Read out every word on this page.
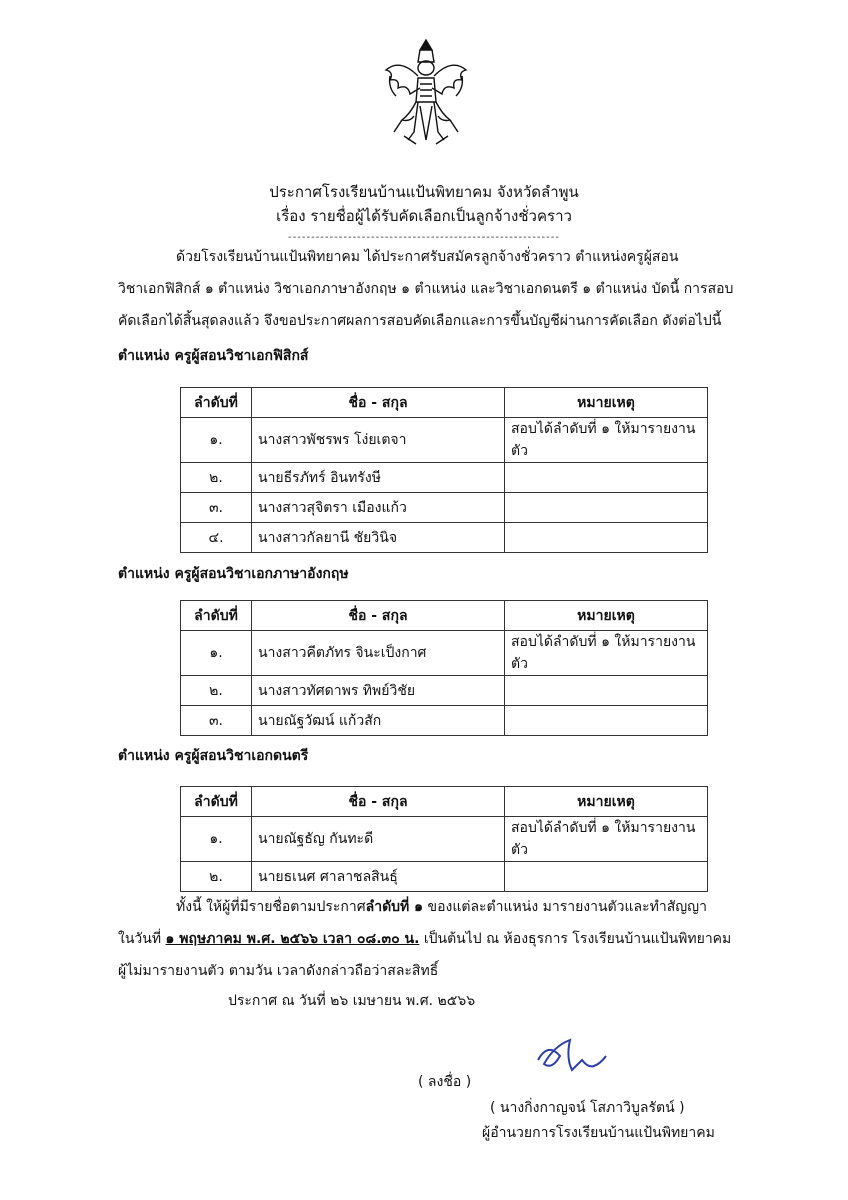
ประกาศโรงเรียนบ้านแป้นพิทยาคม จังหวัดลำพูน
เรื่อง รายชื่อผู้ได้รับคัดเลือกเป็นลูกจ้างชั่วคราว
-----------------------------------------------------------
ด้วยโรงเรียนบ้านแป้นพิทยาคม ได้ประกาศรับสมัครลูกจ้างชั่วคราว ตำแหน่งครูผู้สอน
วิชาเอกฟิสิกส์ ๑ ตำแหน่ง วิชาเอกภาษาอังกฤษ ๑ ตำแหน่ง และวิชาเอกดนตรี ๑ ตำแหน่ง บัดนี้ การสอบ
คัดเลือกได้สิ้นสุดลงแล้ว จึงขอประกาศผลการสอบคัดเลือกและการขึ้นบัญชีผ่านการคัดเลือก ดังต่อไปนี้
ตำแหน่ง ครูผู้สอนวิชาเอกฟิสิกส์
ลำดับที่	ชื่อ - สกุล	หมายเหตุ
๑.	นางสาวพัชรพร โง่ยเตจา	สอบได้ลำดับที่ ๑ ให้มารายงานตัว
๒.	นายธีรภัทร์ อินทรังษี	
๓.	นางสาวสุจิตรา เมืองแก้ว	
๔.	นางสาวกัลยานี ชัยวินิจ	
ตำแหน่ง ครูผู้สอนวิชาเอกภาษาอังกฤษ
ลำดับที่	ชื่อ - สกุล	หมายเหตุ
๑.	นางสาวคีตภัทร จินะเป็งกาศ	สอบได้ลำดับที่ ๑ ให้มารายงานตัว
๒.	นางสาวทัศดาพร ทิพย์วิชัย	
๓.	นายณัฐวัฒน์ แก้วสัก	
ตำแหน่ง ครูผู้สอนวิชาเอกดนตรี
ลำดับที่	ชื่อ - สกุล	หมายเหตุ
๑.	นายณัฐธัญ กันทะดี	สอบได้ลำดับที่ ๑ ให้มารายงานตัว
๒.	นายธเนศ ศาลาชลสินธุ์	
ทั้งนี้ ให้ผู้ที่มีรายชื่อตามประกาศลำดับที่ ๑ ของแต่ละตำแหน่ง มารายงานตัวและทำสัญญา
ในวันที่ ๑ พฤษภาคม พ.ศ. ๒๕๖๖ เวลา ๐๘.๓๐ น. เป็นต้นไป ณ ห้องธุรการ โรงเรียนบ้านแป้นพิทยาคม
ผู้ไม่มารายงานตัว ตามวัน เวลาดังกล่าวถือว่าสละสิทธิ์
ประกาศ ณ วันที่ ๒๖ เมษายน พ.ศ. ๒๕๖๖
( ลงชื่อ )
( นางกิ่งกาญจน์ โสภาวิบูลรัตน์ )
ผู้อำนวยการโรงเรียนบ้านแป้นพิทยาคม
